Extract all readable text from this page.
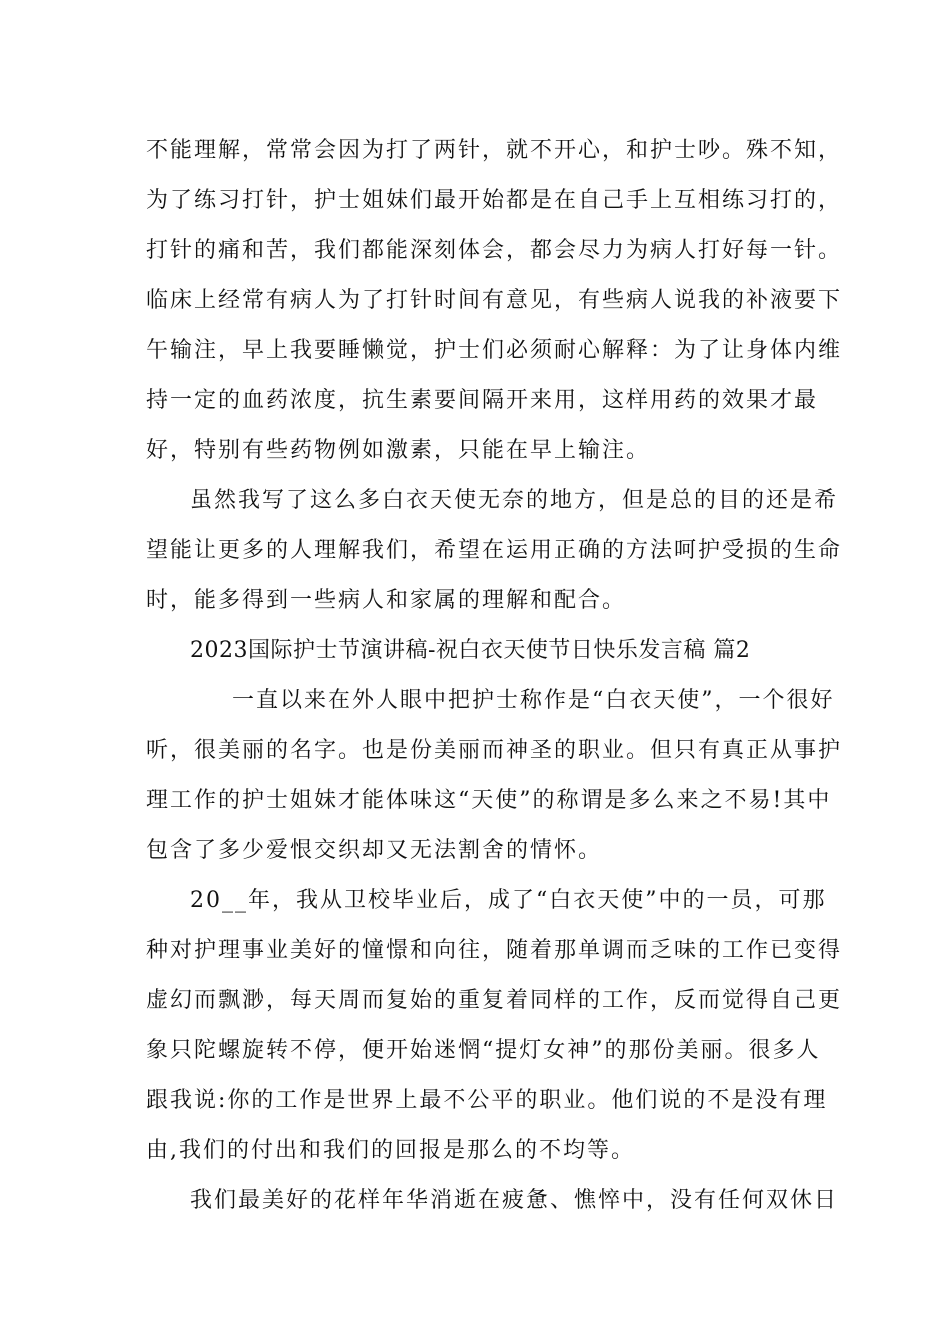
不能理解，常常会因为打了两针，就不开心，和护士吵。殊不知，
为了练习打针，护士姐妹们最开始都是在自己手上互相练习打的，
打针的痛和苦，我们都能深刻体会，都会尽力为病人打好每一针。
临床上经常有病人为了打针时间有意见，有些病人说我的补液要下
午输注，早上我要睡懒觉，护士们必须耐心解释：为了让身体内维
持一定的血药浓度，抗生素要间隔开来用，这样用药的效果才最
好，特别有些药物例如激素，只能在早上输注。
虽然我写了这么多白衣天使无奈的地方，但是总的目的还是希
望能让更多的人理解我们，希望在运用正确的方法呵护受损的生命
时，能多得到一些病人和家属的理解和配合。
2023国际护士节演讲稿-祝白衣天使节日快乐发言稿 篇2
一直以来在外人眼中把护士称作是“白衣天使”，一个很好
听，很美丽的名字。也是份美丽而神圣的职业。但只有真正从事护
理工作的护士姐妹才能体味这“天使”的称谓是多么来之不易!其中
包含了多少爱恨交织却又无法割舍的情怀。
20__年，我从卫校毕业后，成了“白衣天使”中的一员，可那
种对护理事业美好的憧憬和向往，随着那单调而乏味的工作已变得
虚幻而飘渺，每天周而复始的重复着同样的工作，反而觉得自己更
象只陀螺旋转不停，便开始迷惘“提灯女神”的那份美丽。很多人
跟我说:你的工作是世界上最不公平的职业。他们说的不是没有理
由,我们的付出和我们的回报是那么的不均等。
我们最美好的花样年华消逝在疲惫、憔悴中，没有任何双休日
